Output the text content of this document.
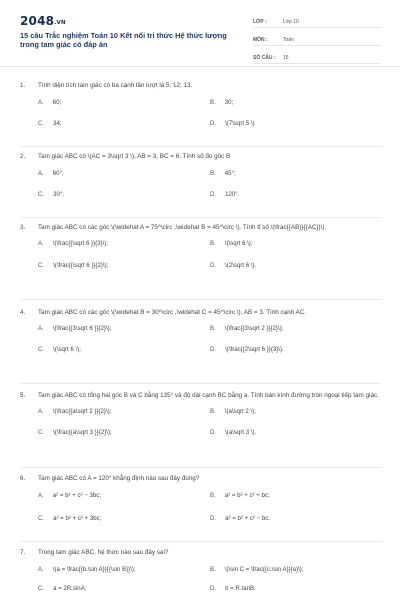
2048.VN
15 câu Trắc nghiệm Toán 10 Kết nối tri thức Hệ thức lượng trong tam giác có đáp án
LỚP :	Lớp 10
MÔN :	Toán
SỐ CÂU :	15
1. Tính diện tích tam giác có ba cạnh lần lượt là 5; 12; 13.
A. 60;	B. 30;
C. 34;	D. \(7\sqrt 5 \)
2. Tam giác ABC có \(AC = 3\sqrt 3 \), AB = 3, BC = 6. Tính số đo góc B
A. 60°;	B. 45°;
C. 30°;	D. 120°.
3. Tam giác ABC có các góc \(\widehat A = 75^\circ ,\widehat B = 45^\circ \). Tính tỉ số \(\frac{{AB}}{{AC}}\).
A. \(\frac{{\sqrt 6 }}{3}\);	B. \(\sqrt 6 \);
C. \(\frac{{\sqrt 6 }}{2}\);	D. \(2\sqrt 6 \).
4. Tam giác ABC có các góc \(\widehat B = 30^\circ ,\widehat C = 45^\circ \), AB = 3. Tính cạnh AC.
A. \(\frac{{3\sqrt 6 }}{2}\);	B. \(\frac{{3\sqrt 2 }}{2}\);
C. \(\sqrt 6 \);	D. \(\frac{{2\sqrt 6 }}{3}\).
5. Tam giác ABC có tổng hai góc B và C bằng 135° và độ dài cạnh BC bằng a. Tính bán kính đường tròn ngoại tiếp tam giác.
A. \(\frac{{a\sqrt 2 }}{2}\);	B. \(a\sqrt 2 \);
C. \(\frac{{a\sqrt 3 }}{2}\);	D. \(a\sqrt 3 \).
6. Tam giác ABC có A = 120° khẳng định nào sau đây đúng?
A. a² = b² + c² − 3bc;	B. a² = b² + c² + bc;
C. a² = b² + c² + 3bc;	D. a² = b² + c² − bc.
7. Trong tam giác ABC, hệ thức nào sau đây sai?
A. \(a = \frac{{b.\sin A}}{{\sin B}}\);	B. \(\sin C = \frac{{c.\sin A}}{a}\);
C. a = 2R.sinA;	D. b = R.tanB.
